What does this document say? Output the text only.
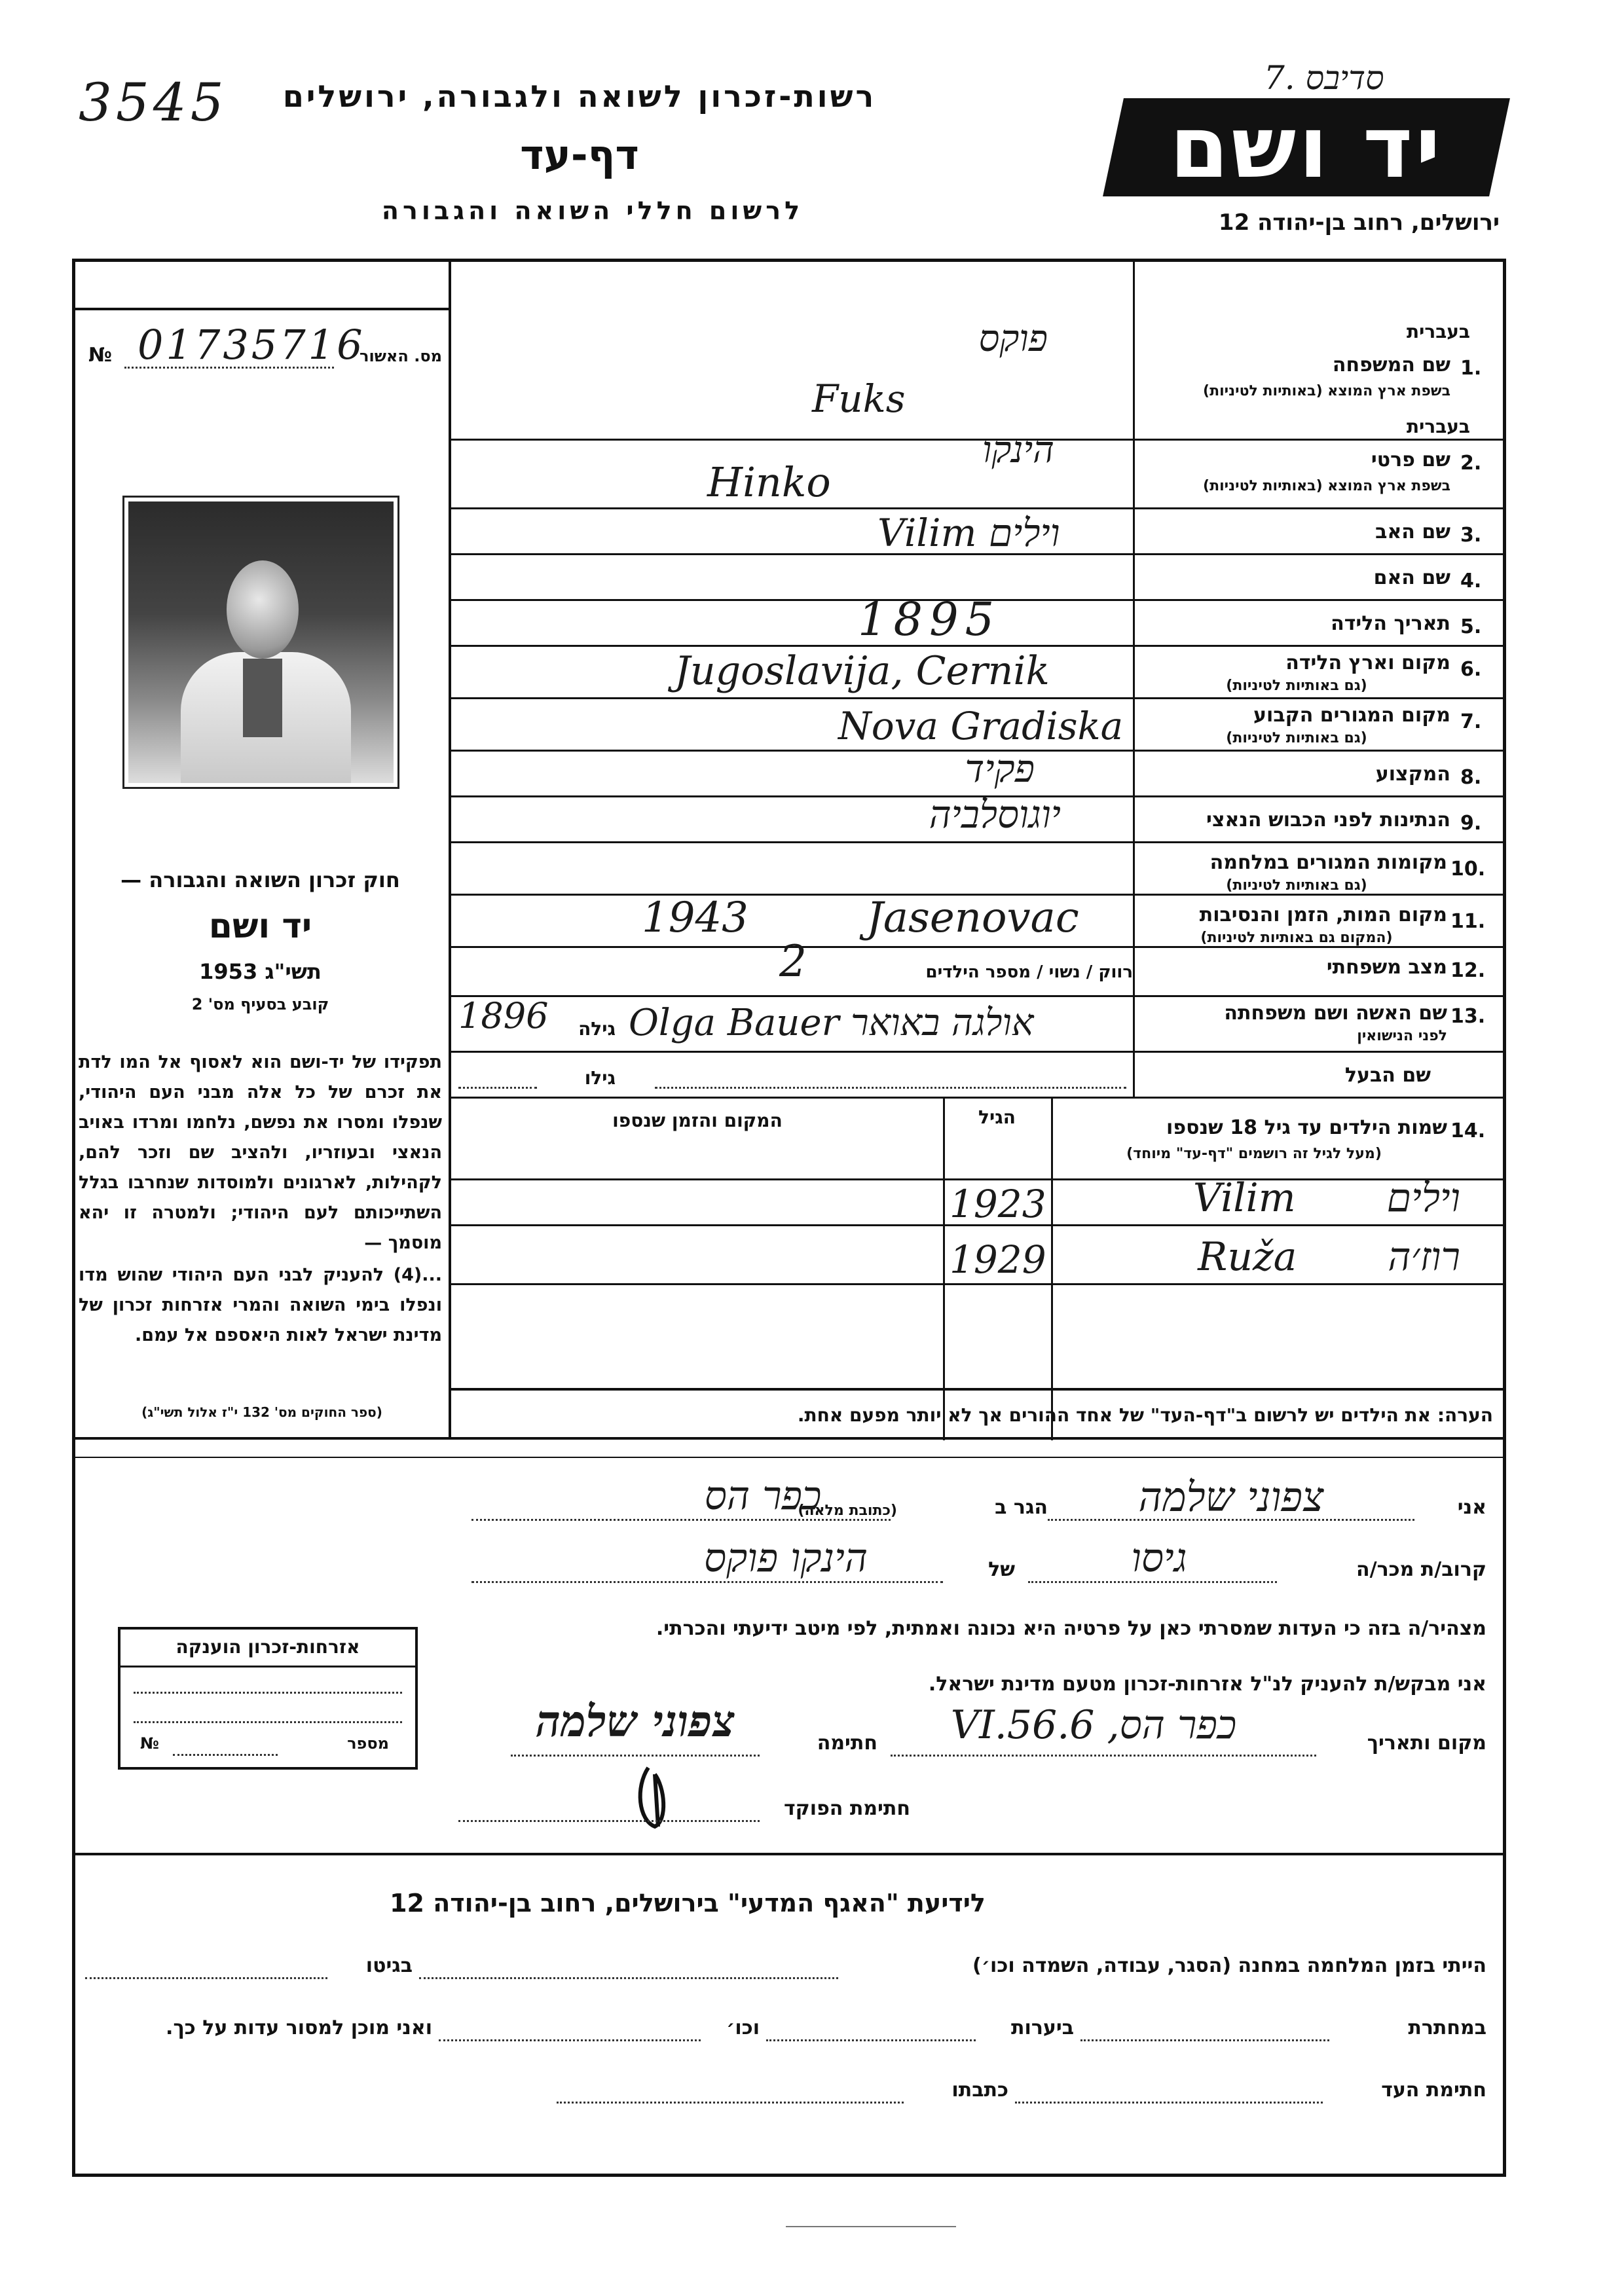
3545	רשות-זכרון לשואה ולגבורה, ירושלים
דף-עד
לרשום חללי השואה והגבורה
7. סדיבס
יד ושם
ירושלים, רחוב בן-יהודה 12
№ 01735716
מס. האשור
חוק זכרון השואה והגבורה —
יד ושם
תשי"ג 1953
קובע בסעיף מס' 2
תפקידו של יד-ושם הוא לאסוף אל המו לדת את זכרם של כל אלה מבני העם היהודי, שנפלו ומסרו את נפשם, נלחמו ומרדו באויב הנאצי ובעוזריו, ולהציב שם וזכר להם, לקהילות, לארגונים ולמוסדות שנחרבו בגלל השתייכותם לעם היהודי; ולמטרה זו יהא מוסמך —
...(4) להעניק לבני העם היהודי שהוש מדו ונפלו בימי השואה והמרי אזרחות זכרון של מדינת ישראל לאות היאספם אל עמם.
(ספר החוקים מס' 132 י"ז אלול תשי"ג)
בעברית
1.
שם המשפחה
בשפת ארץ המוצא (באותיות לטיניות)
פוקס
Fuks
בעברית
2.
שם פרטי
בשפת ארץ המוצא (באותיות לטיניות)
הינקו
Hinko
3.
שם האב
Vilim וילים
4.
שם האם
5.
תאריך הלידה
1895
6.
מקום וארץ הלידה
(גם באותיות לטיניות)
Jugoslavija, Cernik
7.
מקום המגורים הקבוע
(גם באותיות לטיניות)
Nova Gradiska
8.
המקצוע
פקיד
9.
הנתינות לפני הכבוש הנאצי
יוגוסלביה
10.
מקומות המגורים במלחמה
(גם באותיות לטיניות)
11.
מקום המות, הזמן והנסיבות
(המקום גם באותיות לטיניות)
1943 Jasenovac
12.
מצב משפחתי
רווק / נשוי / מספר הילדים
2
13.
שם האשה ושם משפחתה
לפני הנישואין
Olga Bauer אולגה באואר
גילה
1896
שם הבעל
גילו
14.
שמות הילדים עד גיל 18 שנספו
(מעל לגיל זה רושמים "דף-עד" מיוחד)
הגיל
המקום והזמן שנספו
וילים Vilim
1923
רוז׳ה Ruža
1929
הערה: את הילדים יש לרשום ב"דף-העד" של אחד ההורים אך לא יותר מפעם אחת.
אני
צפוני שלמה
הגר ב
(כתובת מלאה)
כפר הס
קרוב/ת מכר/ה
גיסו
של
הינקו פוקס
מצהיר/ה בזה כי העדות שמסרתי כאן על פרטיה היא נכונה ואמתית, לפי מיטב ידיעתי והכרתי.
אני מבקש/ת להעניק לנ"ל אזרחות-זכרון מטעם מדינת ישראל.
מקום ותאריך
כפר הס, 6.VI.56
חתימה
צפוני שלמה
חתימת הפוקד
אזרחות-זכרון הוענקה
№	מספר
לידיעת "האגף המדעי" בירושלים, רחוב בן-יהודה 12
הייתי בזמן המלחמה במחנה (הסגר, עבודה, השמדה וכו׳)
בגיטו
במחתרת
ביערות
וכו׳
ואני מוכן למסור עדות על כך.
חתימת העד
כתבתו
